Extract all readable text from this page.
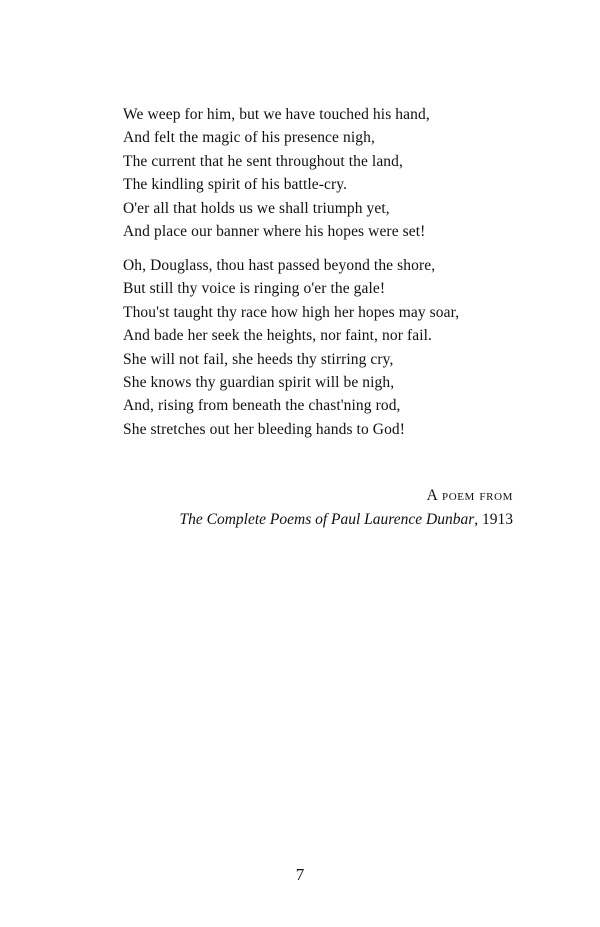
We weep for him, but we have touched his hand,
And felt the magic of his presence nigh,
The current that he sent throughout the land,
The kindling spirit of his battle-cry.
O'er all that holds us we shall triumph yet,
And place our banner where his hopes were set!
Oh, Douglass, thou hast passed beyond the shore,
But still thy voice is ringing o'er the gale!
Thou'st taught thy race how high her hopes may soar,
And bade her seek the heights, nor faint, nor fail.
She will not fail, she heeds thy stirring cry,
She knows thy guardian spirit will be nigh,
And, rising from beneath the chast'ning rod,
She stretches out her bleeding hands to God!
A poem from
The Complete Poems of Paul Laurence Dunbar, 1913
7
